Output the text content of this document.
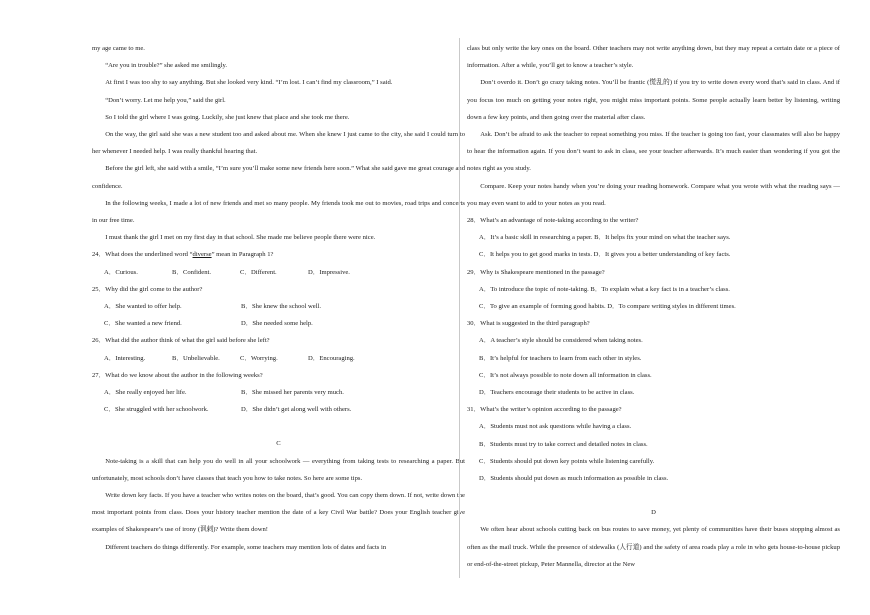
my age came to me.

“Are you in trouble?” she asked me smilingly.

At first I was too shy to say anything. But she looked very kind. “I’m lost. I can’t find my classroom,” I said.

“Don’t worry. Let me help you,” said the girl.

So I told the girl where I was going. Luckily, she just knew that place and she took me there.

On the way, the girl said she was a new student too and asked about me. When she knew I just came to the city, she said I could turn to her whenever I needed help. I was really thankful hearing that.

Before the girl left, she said with a smile, “I’m sure you’ll make some new friends here soon.” What she said gave me great courage and confidence.

In the following weeks, I made a lot of new friends and met so many people. My friends took me out to movies, road trips and concerts in our free time.

I must thank the girl I met on my first day in that school. She made me believe people there were nice.

24．What does the underlined word “diverse” mean in Paragraph 1?

A．Curious.	B．Confident.	C．Different.	D．Impressive.

25．Why did the girl come to the author?

A．She wanted to offer help.	B．She knew the school well.
C．She wanted a new friend.	D．She needed some help.

26．What did the author think of what the girl said before she left?

A．Interesting.	B．Unbelievable.	C．Worrying.	D．Encouraging.

27．What do we know about the author in the following weeks?

A．She really enjoyed her life.	B．She missed her parents very much.
C．She struggled with her schoolwork.	D．She didn’t get along well with others.

C

Note-taking is a skill that can help you do well in all your schoolwork — everything from taking tests to researching a paper. But unfortunately, most schools don’t have classes that teach you how to take notes. So here are some tips.

Write down key facts. If you have a teacher who writes notes on the board, that’s good. You can copy them down. If not, write down the most important points from class. Does your history teacher mention the date of a key Civil War battle? Does your English teacher give examples of Shakespeare’s use of irony (讽刺)? Write them down!

Different teachers do things differently. For example, some teachers may mention lots of dates and facts in

class but only write the key ones on the board. Other teachers may not write anything down, but they may repeat a certain date or a piece of information. After a while, you’ll get to know a teacher’s style.

Don’t overdo it. Don’t go crazy taking notes. You’ll be frantic (慌乱的) if you try to write down every word that’s said in class. And if you focus too much on getting your notes right, you might miss important points. Some people actually learn better by listening, writing down a few key points, and then going over the material after class.

Ask. Don’t be afraid to ask the teacher to repeat something you miss. If the teacher is going too fast, your classmates will also be happy to hear the information again. If you don’t want to ask in class, see your teacher afterwards. It’s much easier than wondering if you got the notes right as you study.

Compare. Keep your notes handy when you’re doing your reading homework. Compare what you wrote with what the reading says — you may even want to add to your notes as you read.

28．What’s an advantage of note-taking according to the writer?

A．It’s a basic skill in researching a paper. B．It helps fix your mind on what the teacher says.

C．It helps you to get good marks in tests. D．It gives you a better understanding of key facts.

29．Why is Shakespeare mentioned in the passage?

A．To introduce the topic of note-taking. B．To explain what a key fact is in a teacher’s class.

C．To give an example of forming good habits. D．To compare writing styles in different times.

30．What is suggested in the third paragraph?

A．A teacher’s style should be considered when taking notes.

B．It’s helpful for teachers to learn from each other in styles.

C．It’s not always possible to note down all information in class.

D．Teachers encourage their students to be active in class.

31．What’s the writer’s opinion according to the passage?

A．Students must not ask questions while having a class.

B．Students must try to take correct and detailed notes in class.

C．Students should put down key points while listening carefully.

D．Students should put down as much information as possible in class.

D

We often hear about schools cutting back on bus routes to save money, yet plenty of communities have their buses stopping almost as often as the mail truck. While the presence of sidewalks (人行道) and the safety of area roads play a role in who gets house-to-house pickup or end-of-the-street pickup, Peter Mannella, director at the New
